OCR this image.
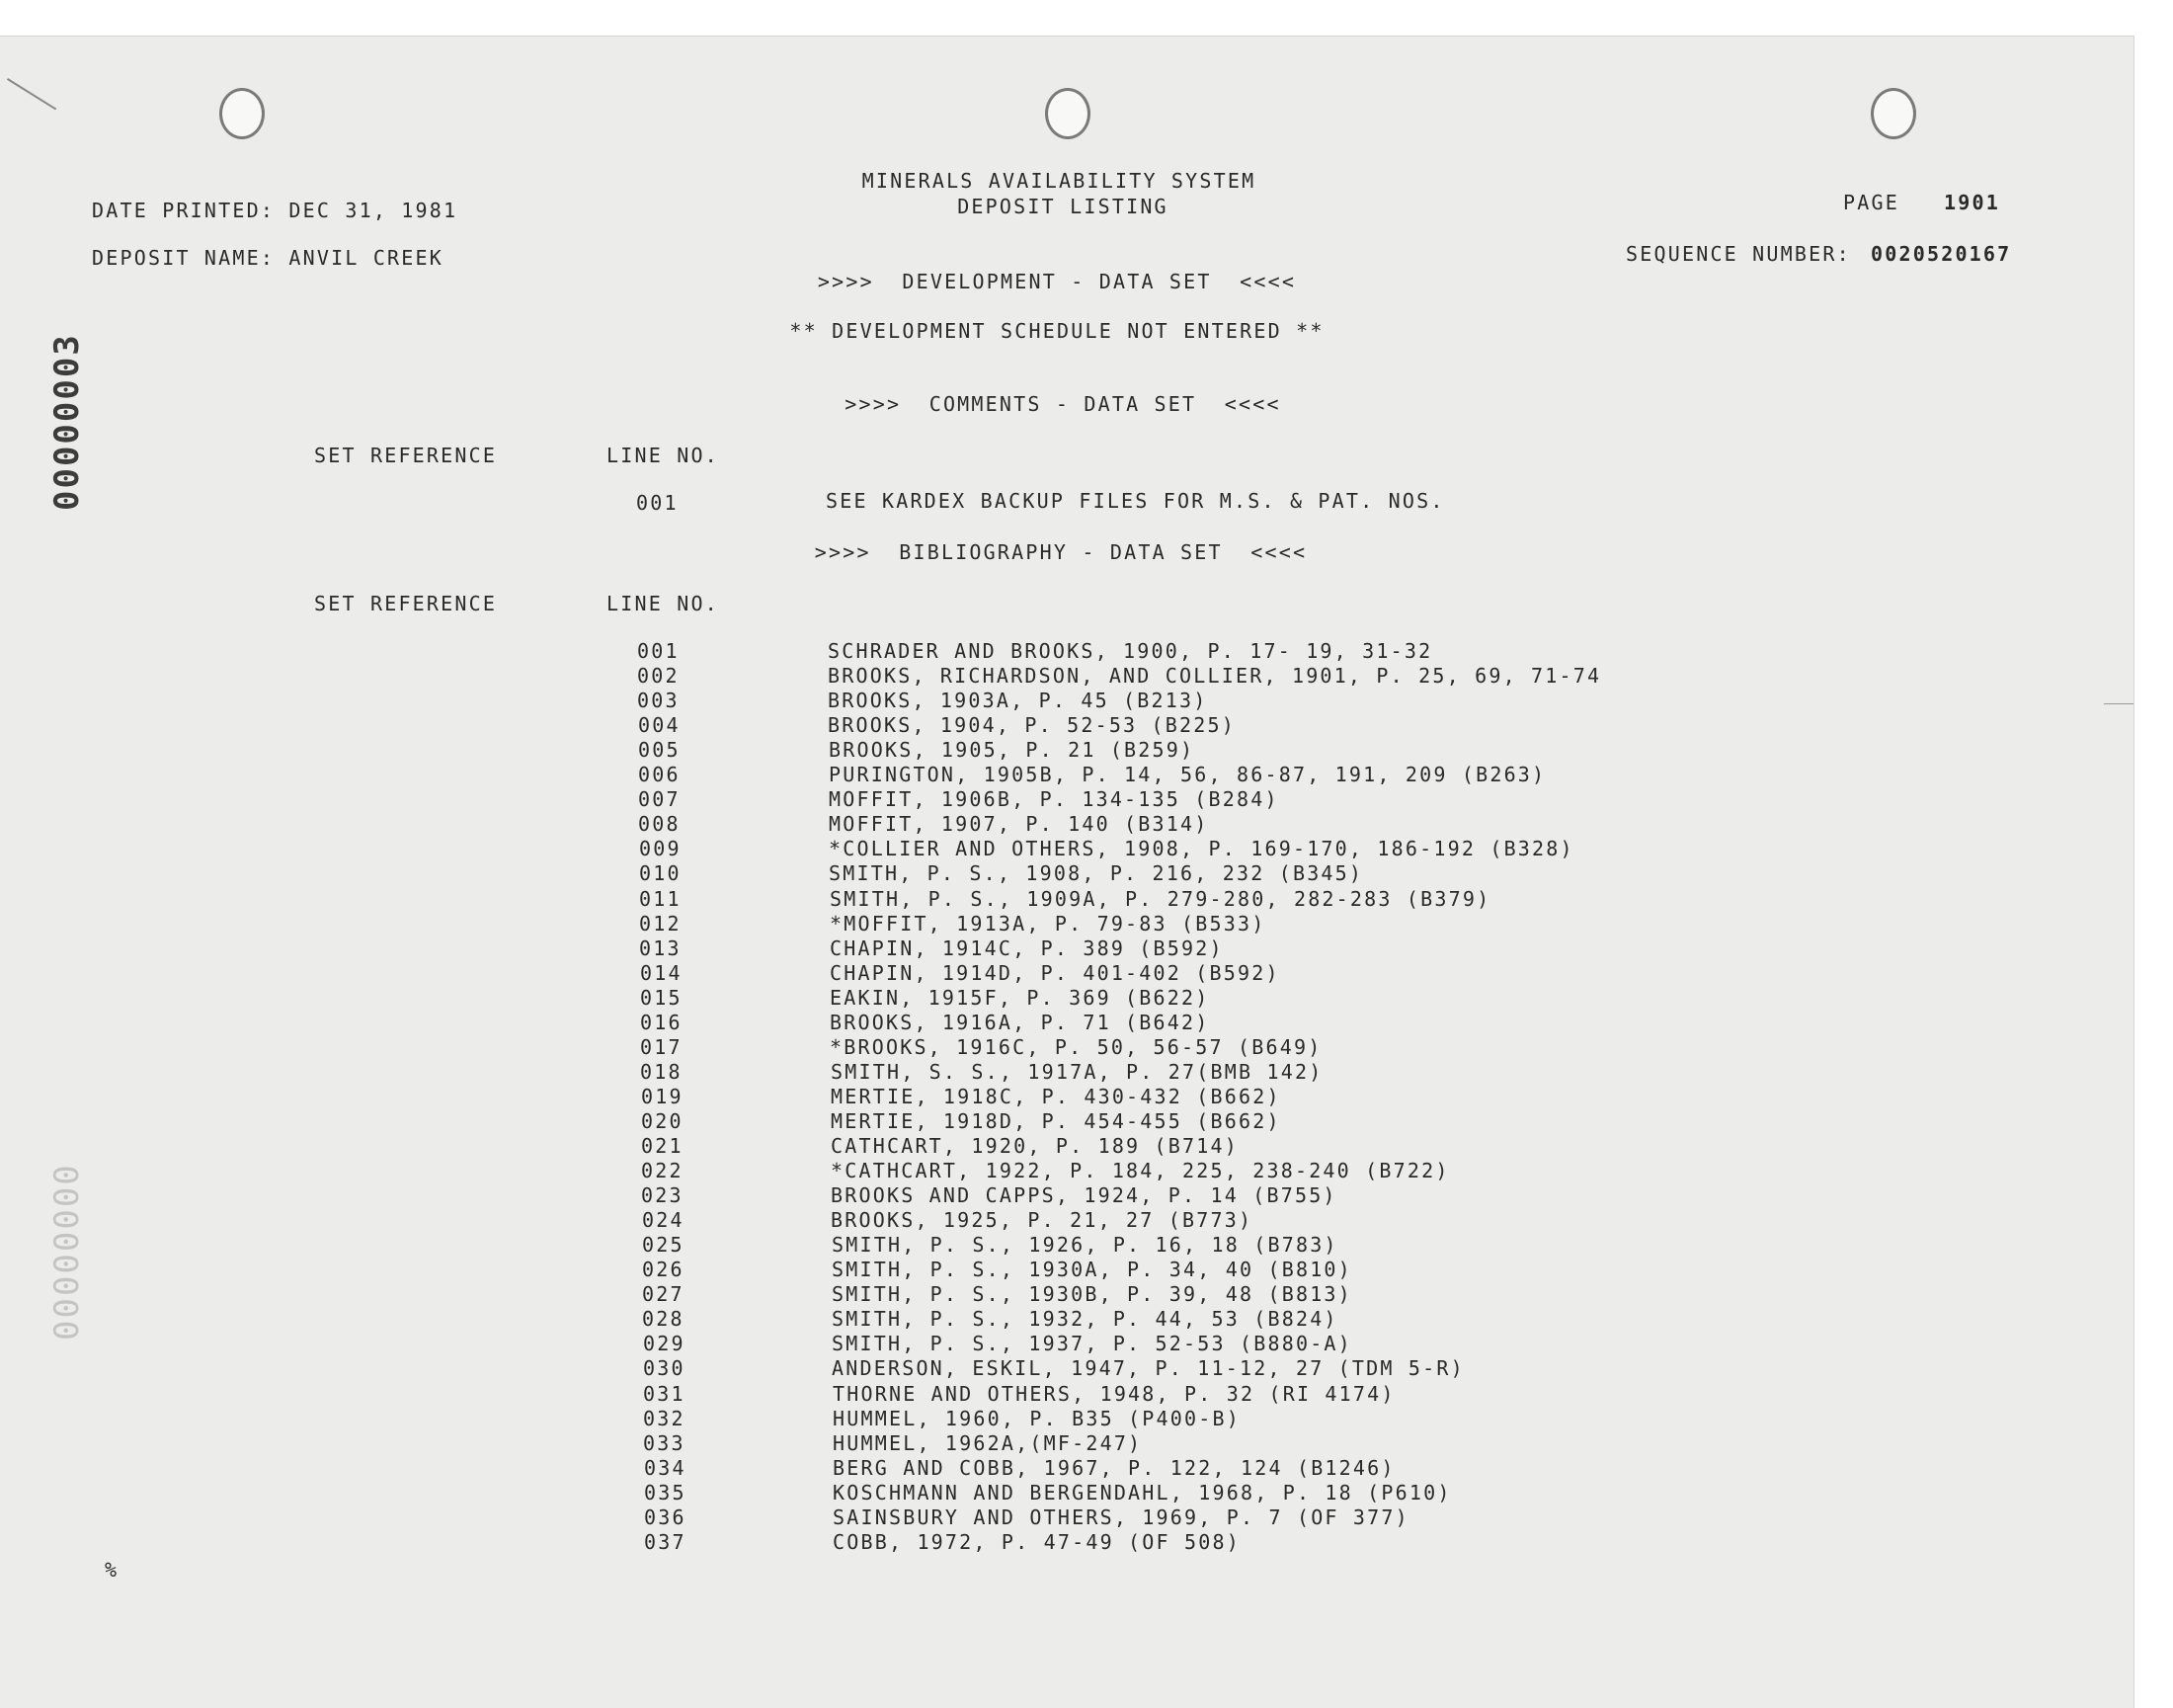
00000003
00000000
MINERALS AVAILABILITY SYSTEM
DEPOSIT LISTING
DATE PRINTED: DEC 31, 1981	PAGE 1901
DEPOSIT NAME: ANVIL CREEK	SEQUENCE NUMBER: 0020520167
>>>>  DEVELOPMENT - DATA SET  <<<<
** DEVELOPMENT SCHEDULE NOT ENTERED **
>>>>  COMMENTS - DATA SET  <<<<
SET REFERENCE	LINE NO.
001	SEE KARDEX BACKUP FILES FOR M.S. & PAT. NOS.
>>>>  BIBLIOGRAPHY - DATA SET  <<<<
SET REFERENCE	LINE NO.
001	SCHRADER AND BROOKS, 1900, P. 17- 19, 31-32
002	BROOKS, RICHARDSON, AND COLLIER, 1901, P. 25, 69, 71-74
003	BROOKS, 1903A, P. 45 (B213)
004	BROOKS, 1904, P. 52-53 (B225)
005	BROOKS, 1905, P. 21 (B259)
006	PURINGTON, 1905B, P. 14, 56, 86-87, 191, 209 (B263)
007	MOFFIT, 1906B, P. 134-135 (B284)
008	MOFFIT, 1907, P. 140 (B314)
009	*COLLIER AND OTHERS, 1908, P. 169-170, 186-192 (B328)
010	SMITH, P. S., 1908, P. 216, 232 (B345)
011	SMITH, P. S., 1909A, P. 279-280, 282-283 (B379)
012	*MOFFIT, 1913A, P. 79-83 (B533)
013	CHAPIN, 1914C, P. 389 (B592)
014	CHAPIN, 1914D, P. 401-402 (B592)
015	EAKIN, 1915F, P. 369 (B622)
016	BROOKS, 1916A, P. 71 (B642)
017	*BROOKS, 1916C, P. 50, 56-57 (B649)
018	SMITH, S. S., 1917A, P. 27(BMB 142)
019	MERTIE, 1918C, P. 430-432 (B662)
020	MERTIE, 1918D, P. 454-455 (B662)
021	CATHCART, 1920, P. 189 (B714)
022	*CATHCART, 1922, P. 184, 225, 238-240 (B722)
023	BROOKS AND CAPPS, 1924, P. 14 (B755)
024	BROOKS, 1925, P. 21, 27 (B773)
025	SMITH, P. S., 1926, P. 16, 18 (B783)
026	SMITH, P. S., 1930A, P. 34, 40 (B810)
027	SMITH, P. S., 1930B, P. 39, 48 (B813)
028	SMITH, P. S., 1932, P. 44, 53 (B824)
029	SMITH, P. S., 1937, P. 52-53 (B880-A)
030	ANDERSON, ESKIL, 1947, P. 11-12, 27 (TDM 5-R)
031	THORNE AND OTHERS, 1948, P. 32 (RI 4174)
032	HUMMEL, 1960, P. B35 (P400-B)
033	HUMMEL, 1962A,(MF-247)
034	BERG AND COBB, 1967, P. 122, 124 (B1246)
035	KOSCHMANN AND BERGENDAHL, 1968, P. 18 (P610)
036	SAINSBURY AND OTHERS, 1969, P. 7 (OF 377)
037	COBB, 1972, P. 47-49 (OF 508)
%
